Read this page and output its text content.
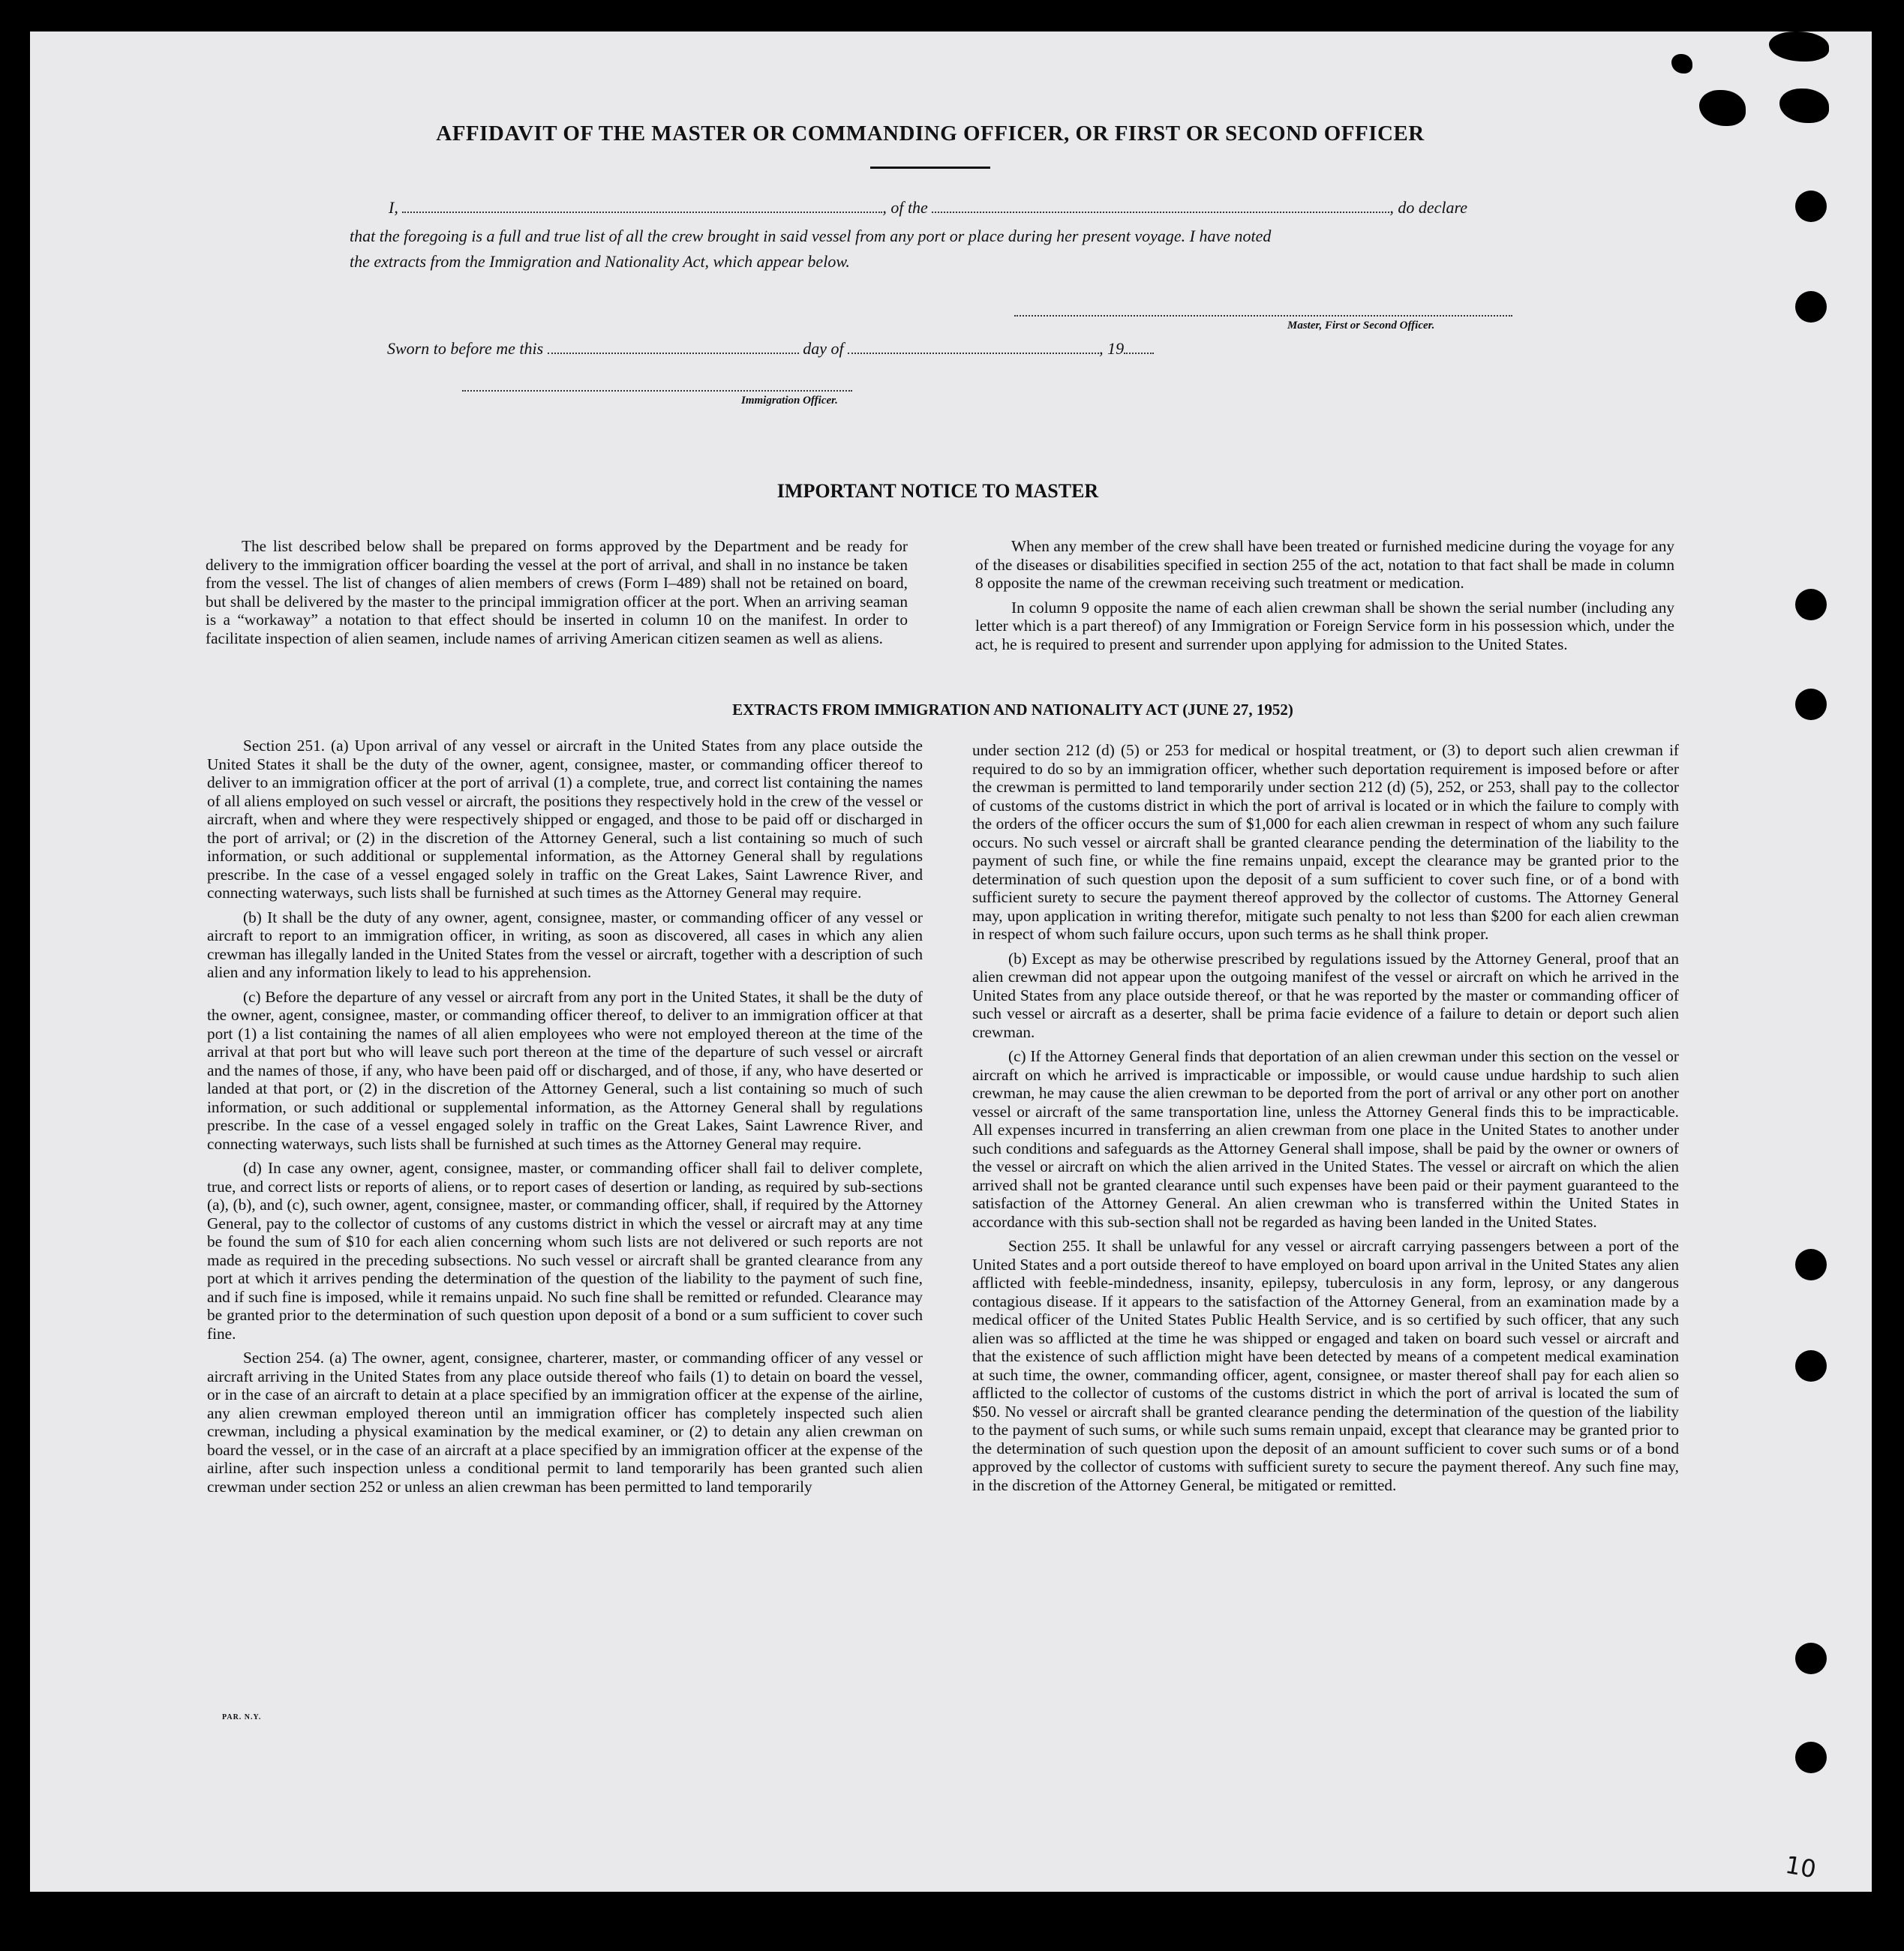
AFFIDAVIT OF THE MASTER OR COMMANDING OFFICER, OR FIRST OR SECOND OFFICER
I,	, of the	, do declare
that the foregoing is a full and true list of all the crew brought in said vessel from any port or place during her present voyage. I have noted
the extracts from the Immigration and Nationality Act, which appear below.
Master, First or Second Officer.
Sworn to before me this	day of	, 19
Immigration Officer.
IMPORTANT NOTICE TO MASTER

The list described below shall be prepared on forms approved by the Department and be ready for delivery to the immigration officer boarding the vessel at the port of arrival, and shall in no instance be taken from the vessel. The list of changes of alien members of crews (Form I–489) shall not be retained on board, but shall be delivered by the master to the principal immigration officer at the port. When an arriving seaman is a “workaway” a notation to that effect should be inserted in column 10 on the manifest. In order to facilitate inspection of alien seamen, include names of arriving American citizen seamen as well as aliens.

When any member of the crew shall have been treated or furnished medicine during the voyage for any of the diseases or disabilities specified in section 255 of the act, notation to that fact shall be made in column 8 opposite the name of the crewman receiving such treatment or medication.

In column 9 opposite the name of each alien crewman shall be shown the serial number (including any letter which is a part thereof) of any Immigration or Foreign Service form in his possession which, under the act, he is required to present and surrender upon applying for admission to the United States.

EXTRACTS FROM IMMIGRATION AND NATIONALITY ACT (JUNE 27, 1952)

Section 251. (a) Upon arrival of any vessel or aircraft in the United States from any place outside the United States it shall be the duty of the owner, agent, consignee, master, or commanding officer thereof to deliver to an immigration officer at the port of arrival (1) a complete, true, and correct list containing the names of all aliens employed on such vessel or aircraft, the positions they respectively hold in the crew of the vessel or aircraft, when and where they were respectively shipped or engaged, and those to be paid off or discharged in the port of arrival; or (2) in the discretion of the Attorney General, such a list containing so much of such information, or such additional or supplemental information, as the Attorney General shall by regulations prescribe. In the case of a vessel engaged solely in traffic on the Great Lakes, Saint Lawrence River, and connecting waterways, such lists shall be furnished at such times as the Attorney General may require.

(b) It shall be the duty of any owner, agent, consignee, master, or commanding officer of any vessel or aircraft to report to an immigration officer, in writing, as soon as discovered, all cases in which any alien crewman has illegally landed in the United States from the vessel or aircraft, together with a description of such alien and any information likely to lead to his apprehension.

(c) Before the departure of any vessel or aircraft from any port in the United States, it shall be the duty of the owner, agent, consignee, master, or commanding officer thereof, to deliver to an immigration officer at that port (1) a list containing the names of all alien employees who were not employed thereon at the time of the arrival at that port but who will leave such port thereon at the time of the departure of such vessel or aircraft and the names of those, if any, who have been paid off or discharged, and of those, if any, who have deserted or landed at that port, or (2) in the discretion of the Attorney General, such a list containing so much of such information, or such additional or supplemental information, as the Attorney General shall by regulations prescribe. In the case of a vessel engaged solely in traffic on the Great Lakes, Saint Lawrence River, and connecting waterways, such lists shall be furnished at such times as the Attorney General may require.

(d) In case any owner, agent, consignee, master, or commanding officer shall fail to deliver complete, true, and correct lists or reports of aliens, or to report cases of desertion or landing, as required by sub-sections (a), (b), and (c), such owner, agent, consignee, master, or commanding officer, shall, if required by the Attorney General, pay to the collector of customs of any customs district in which the vessel or aircraft may at any time be found the sum of $10 for each alien concerning whom such lists are not delivered or such reports are not made as required in the preceding subsections. No such vessel or aircraft shall be granted clearance from any port at which it arrives pending the determination of the question of the liability to the payment of such fine, and if such fine is imposed, while it remains unpaid. No such fine shall be remitted or refunded. Clearance may be granted prior to the determination of such question upon deposit of a bond or a sum sufficient to cover such fine.

Section 254. (a) The owner, agent, consignee, charterer, master, or commanding officer of any vessel or aircraft arriving in the United States from any place outside thereof who fails (1) to detain on board the vessel, or in the case of an aircraft to detain at a place specified by an immigration officer at the expense of the airline, any alien crewman employed thereon until an immigration officer has completely inspected such alien crewman, including a physical examination by the medical examiner, or (2) to detain any alien crewman on board the vessel, or in the case of an aircraft at a place specified by an immigration officer at the expense of the airline, after such inspection unless a conditional permit to land temporarily has been granted such alien crewman under section 252 or unless an alien crewman has been permitted to land temporarily

under section 212 (d) (5) or 253 for medical or hospital treatment, or (3) to deport such alien crewman if required to do so by an immigration officer, whether such deportation requirement is imposed before or after the crewman is permitted to land temporarily under section 212 (d) (5), 252, or 253, shall pay to the collector of customs of the customs district in which the port of arrival is located or in which the failure to comply with the orders of the officer occurs the sum of $1,000 for each alien crewman in respect of whom any such failure occurs. No such vessel or aircraft shall be granted clearance pending the determination of the liability to the payment of such fine, or while the fine remains unpaid, except the clearance may be granted prior to the determination of such question upon the deposit of a sum sufficient to cover such fine, or of a bond with sufficient surety to secure the payment thereof approved by the collector of customs. The Attorney General may, upon application in writing therefor, mitigate such penalty to not less than $200 for each alien crewman in respect of whom such failure occurs, upon such terms as he shall think proper.

(b) Except as may be otherwise prescribed by regulations issued by the Attorney General, proof that an alien crewman did not appear upon the outgoing manifest of the vessel or aircraft on which he arrived in the United States from any place outside thereof, or that he was reported by the master or commanding officer of such vessel or aircraft as a deserter, shall be prima facie evidence of a failure to detain or deport such alien crewman.

(c) If the Attorney General finds that deportation of an alien crewman under this section on the vessel or aircraft on which he arrived is impracticable or impossible, or would cause undue hardship to such alien crewman, he may cause the alien crewman to be deported from the port of arrival or any other port on another vessel or aircraft of the same transportation line, unless the Attorney General finds this to be impracticable. All expenses incurred in transferring an alien crewman from one place in the United States to another under such conditions and safeguards as the Attorney General shall impose, shall be paid by the owner or owners of the vessel or aircraft on which the alien arrived in the United States. The vessel or aircraft on which the alien arrived shall not be granted clearance until such expenses have been paid or their payment guaranteed to the satisfaction of the Attorney General. An alien crewman who is transferred within the United States in accordance with this sub-section shall not be regarded as having been landed in the United States.

Section 255. It shall be unlawful for any vessel or aircraft carrying passengers between a port of the United States and a port outside thereof to have employed on board upon arrival in the United States any alien afflicted with feeble-mindedness, insanity, epilepsy, tuberculosis in any form, leprosy, or any dangerous contagious disease. If it appears to the satisfaction of the Attorney General, from an examination made by a medical officer of the United States Public Health Service, and is so certified by such officer, that any such alien was so afflicted at the time he was shipped or engaged and taken on board such vessel or aircraft and that the existence of such affliction might have been detected by means of a competent medical examination at such time, the owner, commanding officer, agent, consignee, or master thereof shall pay for each alien so afflicted to the collector of customs of the customs district in which the port of arrival is located the sum of $50. No vessel or aircraft shall be granted clearance pending the determination of the question of the liability to the payment of such sums, or while such sums remain unpaid, except that clearance may be granted prior to the determination of such question upon the deposit of an amount sufficient to cover such sums or of a bond approved by the collector of customs with sufficient surety to secure the payment thereof. Any such fine may, in the discretion of the Attorney General, be mitigated or remitted.

PAR. N.Y.
10
